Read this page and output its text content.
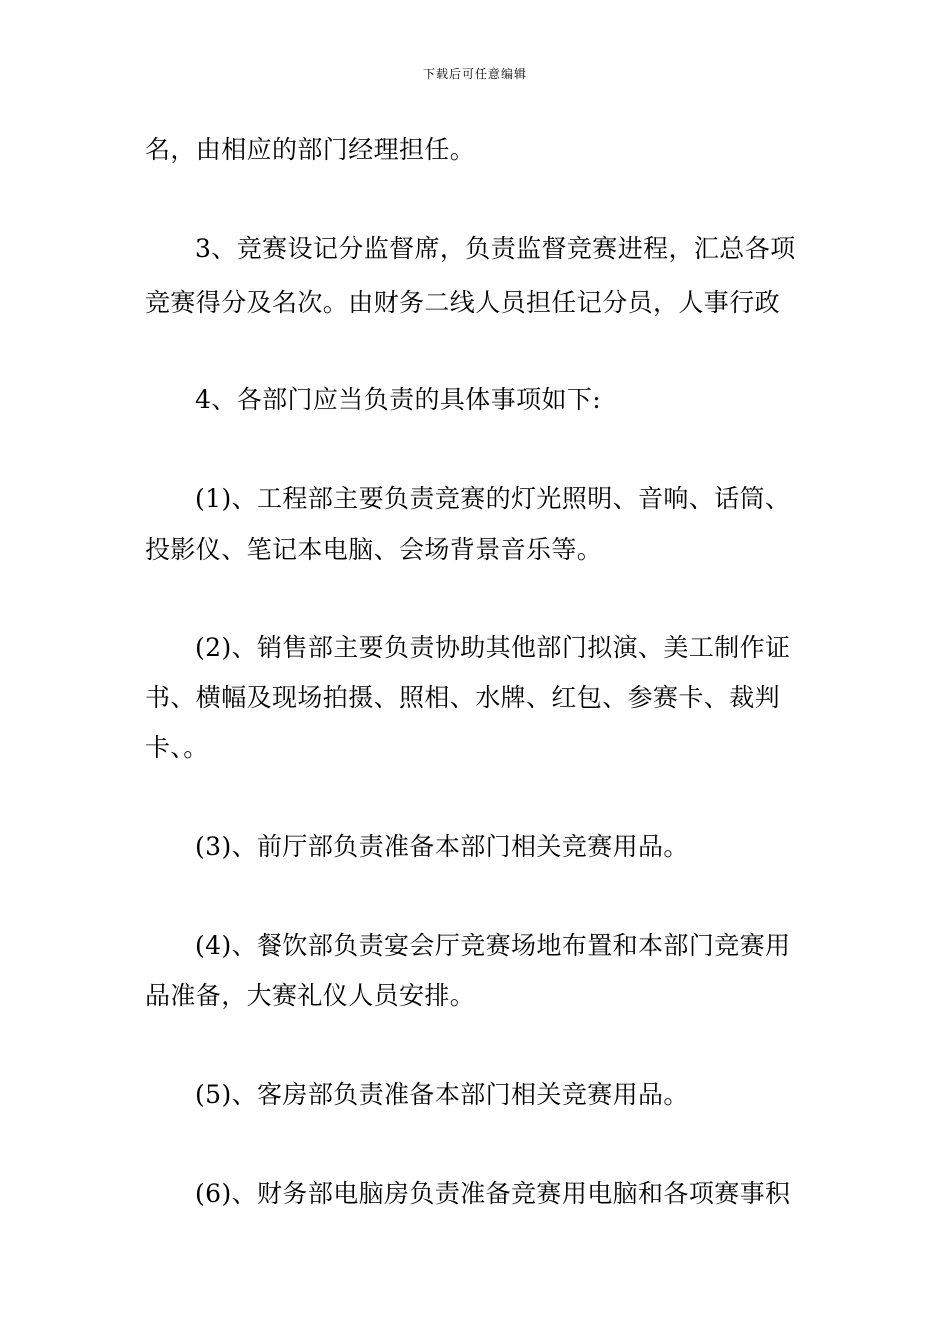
下载后可任意编辑
名，由相应的部门经理担任。
3、竞赛设记分监督席，负责监督竞赛进程，汇总各项
竞赛得分及名次。由财务二线人员担任记分员，人事行政
4、各部门应当负责的具体事项如下:
(1)、工程部主要负责竞赛的灯光照明、音响、话筒、
投影仪、笔记本电脑、会场背景音乐等。
(2)、销售部主要负责协助其他部门拟演、美工制作证
书、横幅及现场拍摄、照相、水牌、红包、参赛卡、裁判
卡、。
(3)、前厅部负责准备本部门相关竞赛用品。
(4)、餐饮部负责宴会厅竞赛场地布置和本部门竞赛用
品准备，大赛礼仪人员安排。
(5)、客房部负责准备本部门相关竞赛用品。
(6)、财务部电脑房负责准备竞赛用电脑和各项赛事积
